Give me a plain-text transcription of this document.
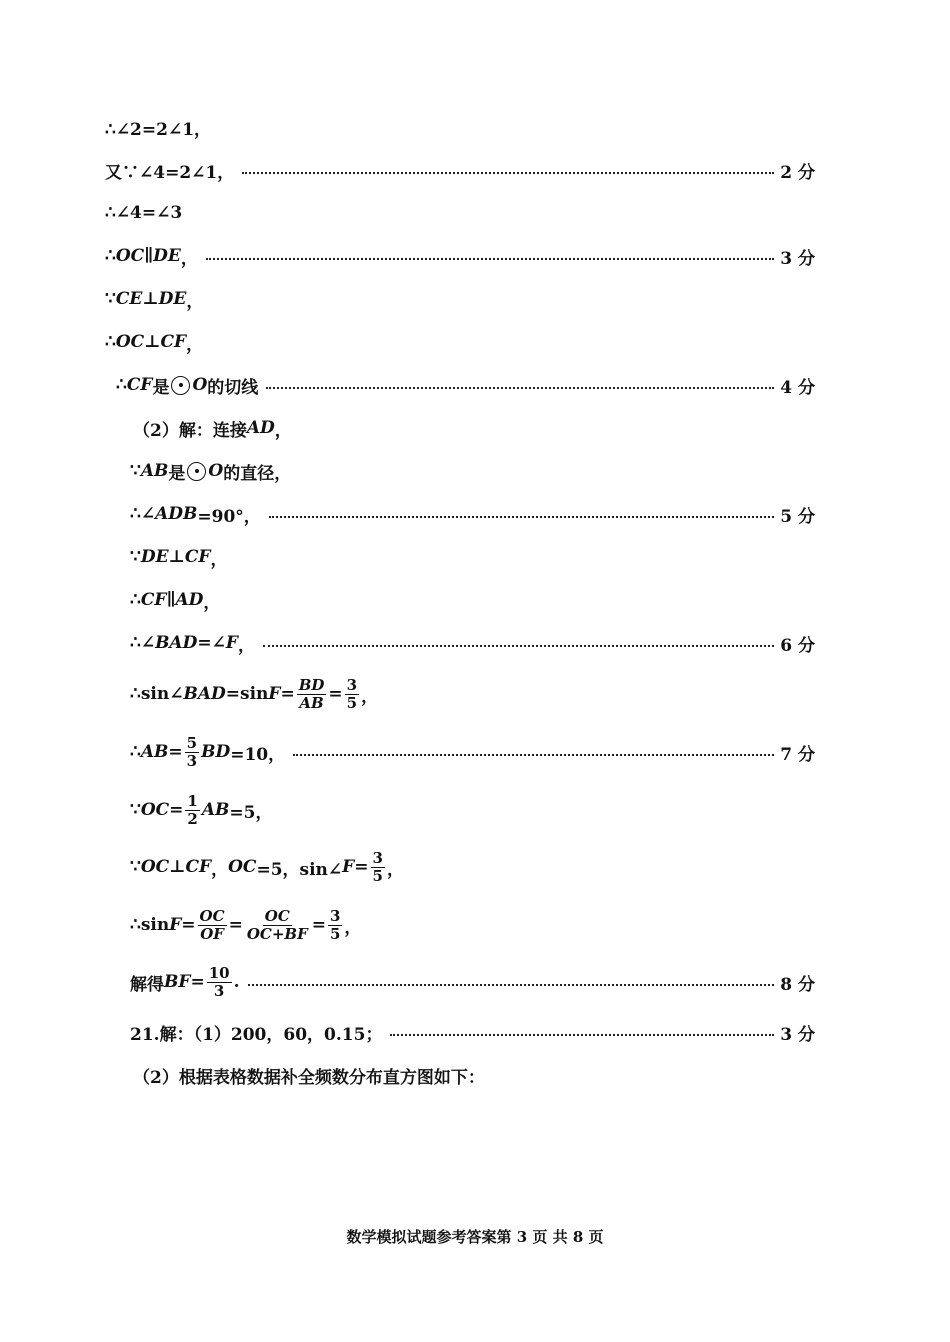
∴∠2=2∠1，
又∵∠4=2∠1，	2 分
∴∠4=∠3
∴ OC ∥ DE ，	3 分
∵ CE ⊥ DE ，
∴ OC ⊥ CF ，
∴ CF 是 O 的切线	4 分
（2）解：连接 AD ，
∵ AB 是 O 的直径，
∴∠ ADB =90°，	5 分
∵ DE ⊥ CF ，
∴ CF ∥ AD ，
∴∠ BAD =∠ F ，	6 分
∴sin∠ BAD =sin $F = \frac{BD}{AB} = \frac{3}{5}$ ，
∴ AB = $\frac{5}{3}$ BD =10，	7 分
∵ OC = $\frac{1}{2}$ AB =5，
∵ OC ⊥ CF ， OC =5，sin∠ $F = \frac{3}{5}$ ，
∴sin $F = \frac{OC}{OF} = \frac{OC}{OC+BF} = \frac{3}{5}$ ，
解得 BF = $\frac{10}{3}$ .	8 分
21.解：（1）200，60，0.15；	3 分
（2）根据表格数据补全频数分布直方图如下：
数学模拟试题参考答案第 3 页 共 8 页
